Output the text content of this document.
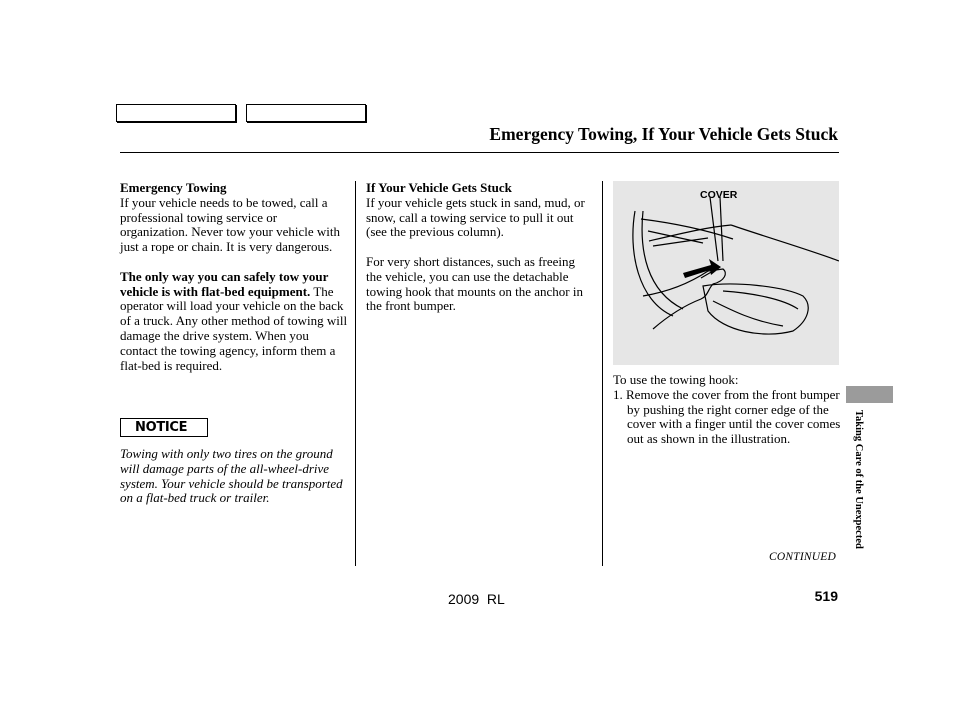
Emergency Towing, If Your Vehicle Gets Stuck

Emergency Towing

If your vehicle needs to be towed, call a professional towing service or organization. Never tow your vehicle with just a rope or chain. It is very dangerous.

The only way you can safely tow your vehicle is with flat-bed equipment. The operator will load your vehicle on the back of a truck. Any other method of towing will damage the drive system. When you contact the towing agency, inform them a flat-bed is required.

NOTICE
Towing with only two tires on the ground will damage parts of the all-wheel-drive system. Your vehicle should be transported on a flat-bed truck or trailer.

If Your Vehicle Gets Stuck

If your vehicle gets stuck in sand, mud, or snow, call a towing service to pull it out (see the previous column).

For very short distances, such as freeing the vehicle, you can use the detachable towing hook that mounts on the anchor in the front bumper.

COVER

To use the towing hook:

1. Remove the cover from the front bumper by pushing the right corner edge of the cover with a finger until the cover comes out as shown in the illustration.

CONTINUED
Taking Care of the Unexpected
2009  RL	519
